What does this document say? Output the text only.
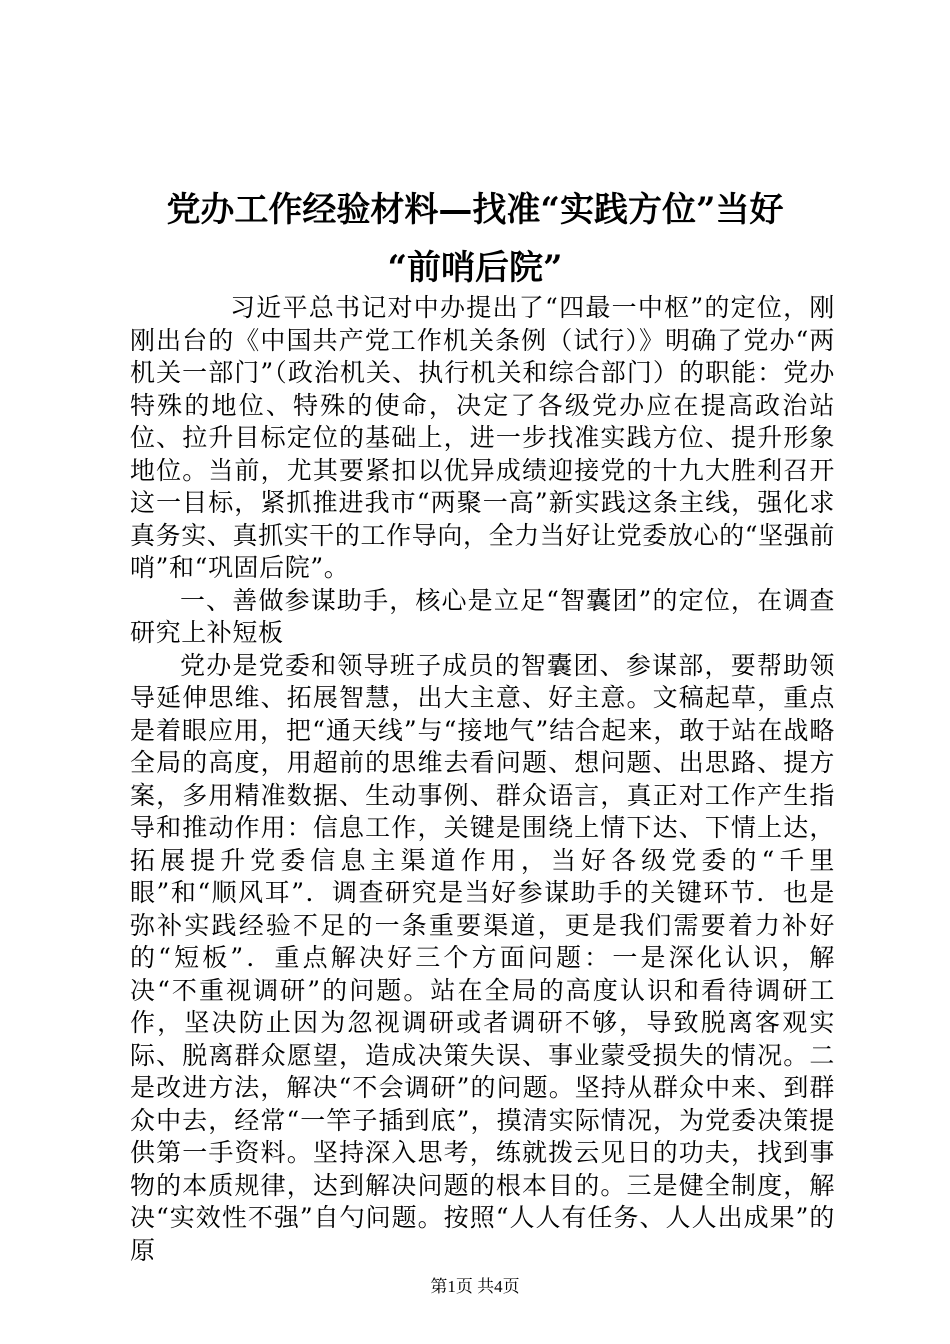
党办工作经验材料—找准“实践方位”当好
“前哨后院”

习近平总书记对中办提出了“四最一中枢”的定位，刚刚出台的《中国共产党工作机关条例（试行）》明确了党办“两机关一部门”（政治机关、执行机关和综合部门）的职能：党办特殊的地位、特殊的使命，决定了各级党办应在提高政治站位、拉升目标定位的基础上，进一步找准实践方位、提升形象地位。当前，尤其要紧扣以优异成绩迎接党的十九大胜利召开这一目标，紧抓推进我市“两聚一高”新实践这条主线，强化求真务实、真抓实干的工作导向，全力当好让党委放心的“坚强前哨”和“巩固后院”。

一、善做参谋助手，核心是立足“智囊团”的定位，在调查研究上补短板

党办是党委和领导班子成员的智囊团、参谋部，要帮助领导延伸思维、拓展智慧，出大主意、好主意。文稿起草，重点是着眼应用，把“通天线”与“接地气”结合起来，敢于站在战略全局的高度，用超前的思维去看问题、想问题、出思路、提方案，多用精准数据、生动事例、群众语言，真正对工作产生指导和推动作用：信息工作，关键是围绕上情下达、下情上达，拓展提升党委信息主渠道作用，当好各级党委的“千里眼”和“顺风耳”．调查研究是当好参谋助手的关键环节．也是弥补实践经验不足的一条重要渠道，更是我们需要着力补好的“短板”．重点解决好三个方面问题：一是深化认识，解决“不重视调研”的问题。站在全局的高度认识和看待调研工作，坚决防止因为忽视调研或者调研不够，导致脱离客观实际、脱离群众愿望，造成决策失误、事业蒙受损失的情况。二是改进方法，解决“不会调研”的问题。坚持从群众中来、到群众中去，经常“一竿子插到底”，摸清实际情况，为党委决策提供第一手资料。坚持深入思考，练就拨云见日的功夫，找到事物的本质规律，达到解决问题的根本目的。三是健全制度，解决“实效性不强”自勺问题。按照“人人有任务、人人出成果”的原

第1页 共4页
